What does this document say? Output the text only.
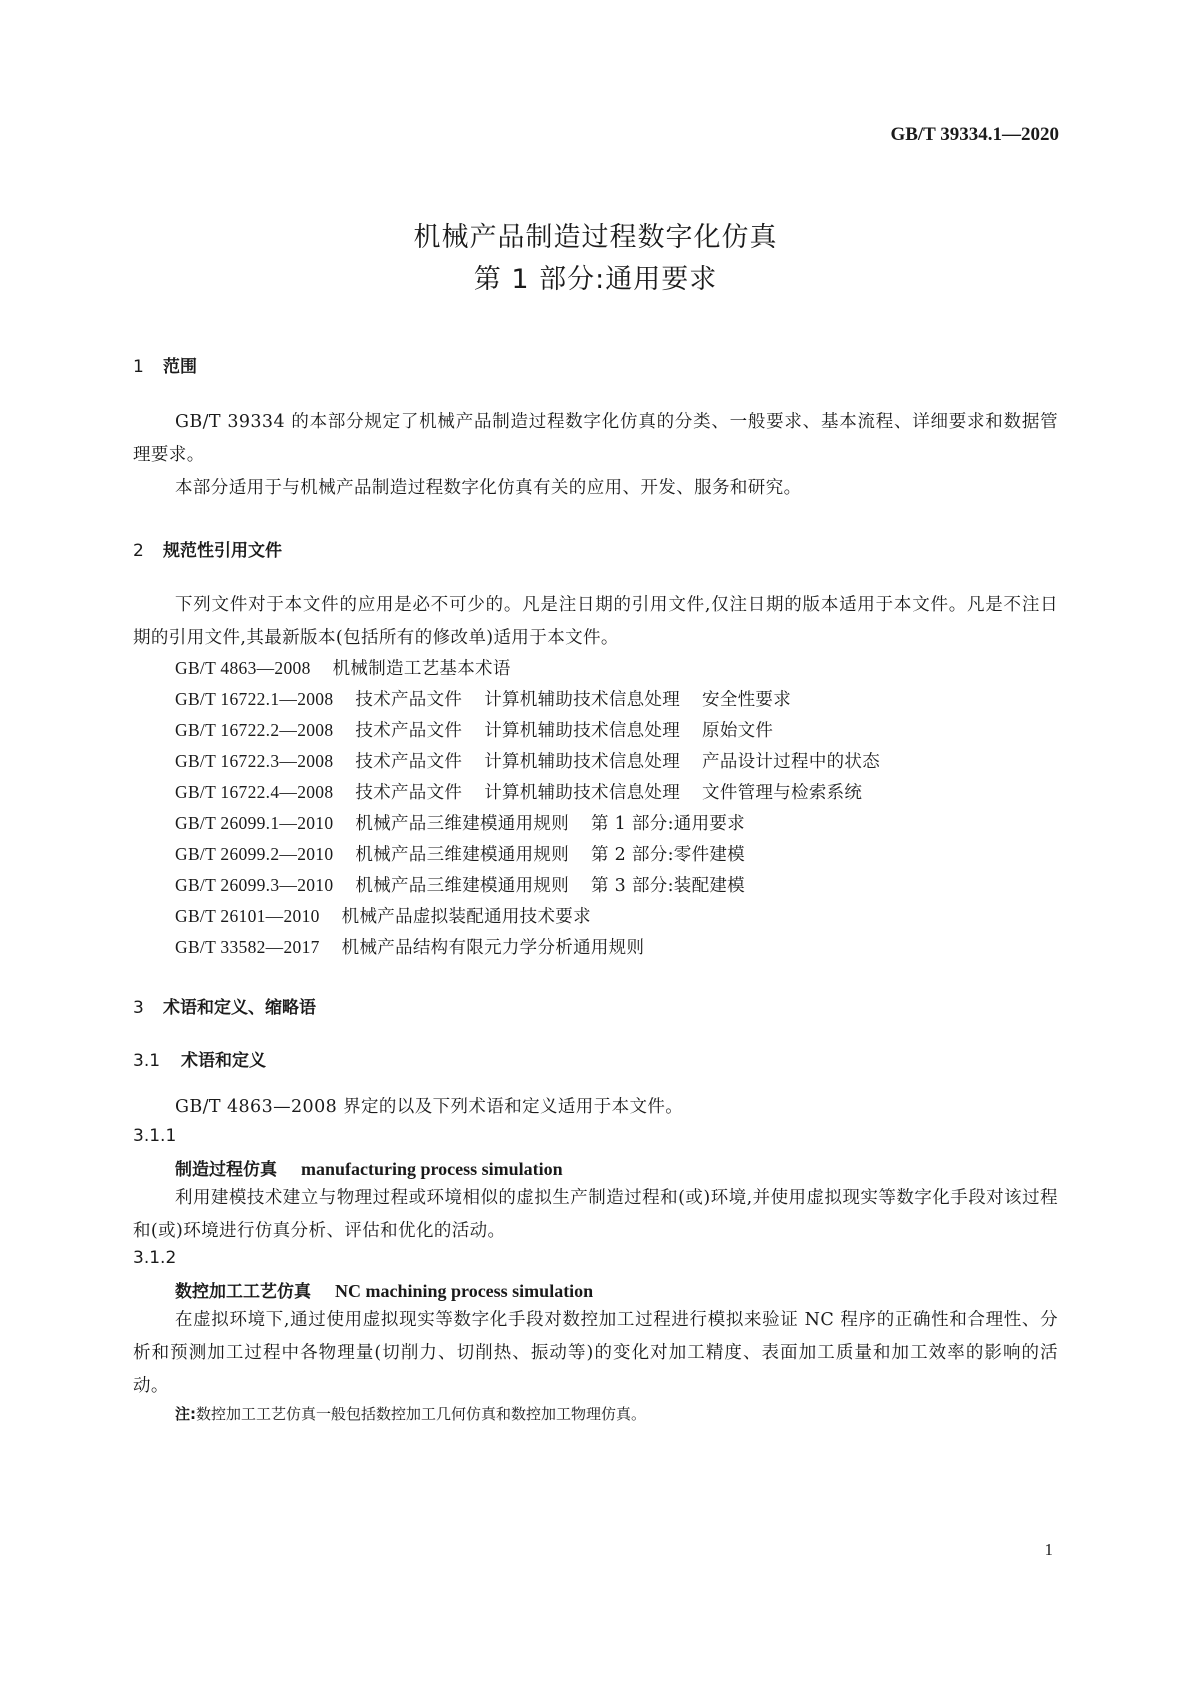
GB/T 39334.1—2020
机械产品制造过程数字化仿真
第 1 部分:通用要求
1 范围
GB/T 39334 的本部分规定了机械产品制造过程数字化仿真的分类、一般要求、基本流程、详细要求和数据管理要求。
本部分适用于与机械产品制造过程数字化仿真有关的应用、开发、服务和研究。
2 规范性引用文件
下列文件对于本文件的应用是必不可少的。凡是注日期的引用文件,仅注日期的版本适用于本文件。凡是不注日期的引用文件,其最新版本(包括所有的修改单)适用于本文件。
GB/T 4863—2008 机械制造工艺基本术语
GB/T 16722.1—2008 技术产品文件 计算机辅助技术信息处理 安全性要求
GB/T 16722.2—2008 技术产品文件 计算机辅助技术信息处理 原始文件
GB/T 16722.3—2008 技术产品文件 计算机辅助技术信息处理 产品设计过程中的状态
GB/T 16722.4—2008 技术产品文件 计算机辅助技术信息处理 文件管理与检索系统
GB/T 26099.1—2010 机械产品三维建模通用规则 第 1 部分:通用要求
GB/T 26099.2—2010 机械产品三维建模通用规则 第 2 部分:零件建模
GB/T 26099.3—2010 机械产品三维建模通用规则 第 3 部分:装配建模
GB/T 26101—2010 机械产品虚拟装配通用技术要求
GB/T 33582—2017 机械产品结构有限元力学分析通用规则
3 术语和定义、缩略语
3.1 术语和定义
GB/T 4863—2008 界定的以及下列术语和定义适用于本文件。
3.1.1
制造过程仿真 manufacturing process simulation
利用建模技术建立与物理过程或环境相似的虚拟生产制造过程和(或)环境,并使用虚拟现实等数字化手段对该过程和(或)环境进行仿真分析、评估和优化的活动。
3.1.2
数控加工工艺仿真 NC machining process simulation
在虚拟环境下,通过使用虚拟现实等数字化手段对数控加工过程进行模拟来验证 NC 程序的正确性和合理性、分析和预测加工过程中各物理量(切削力、切削热、振动等)的变化对加工精度、表面加工质量和加工效率的影响的活动。
注:数控加工工艺仿真一般包括数控加工几何仿真和数控加工物理仿真。
1
